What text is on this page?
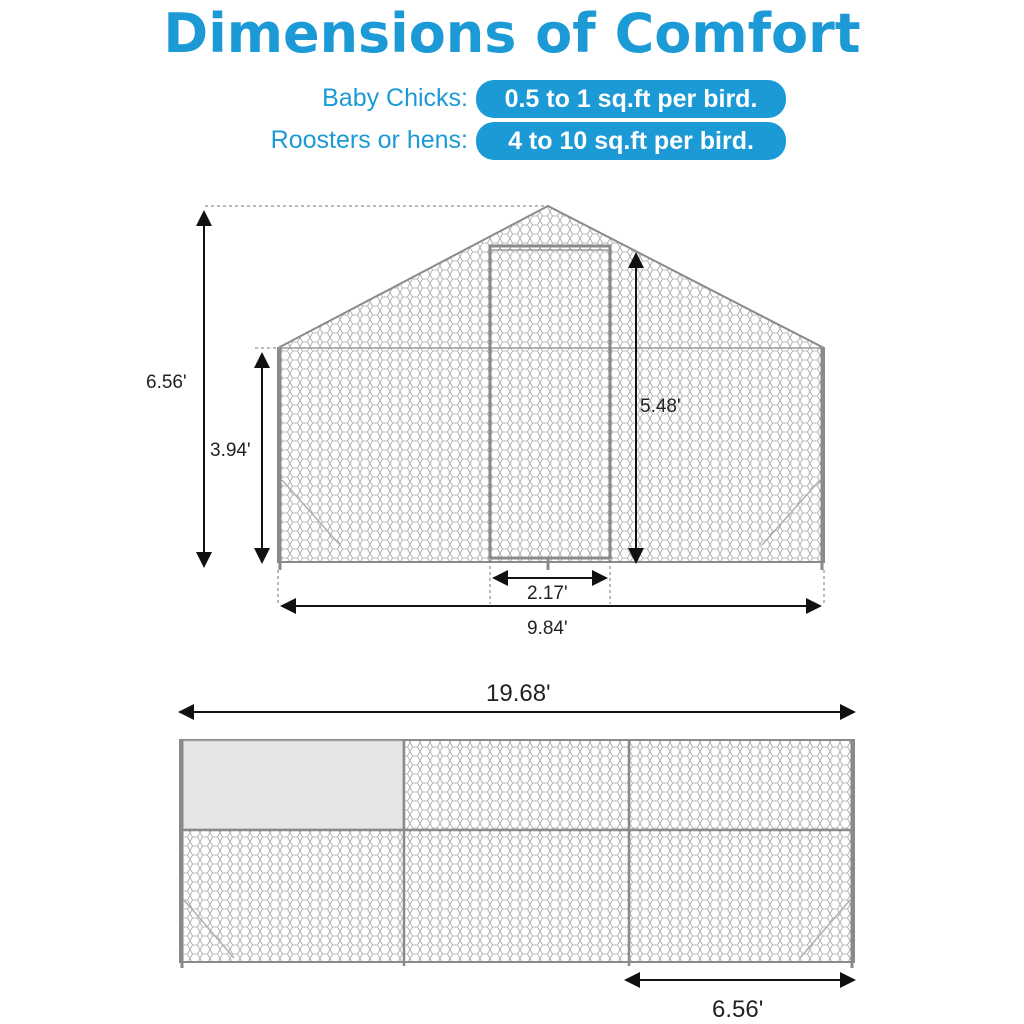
Dimensions of Comfort
Baby Chicks:	0.5 to 1 sq.ft per bird.
Roosters or hens:	4 to 10 sq.ft per bird.
6.56'
3.94'
5.48'
2.17'
9.84'
19.68'
6.56'
